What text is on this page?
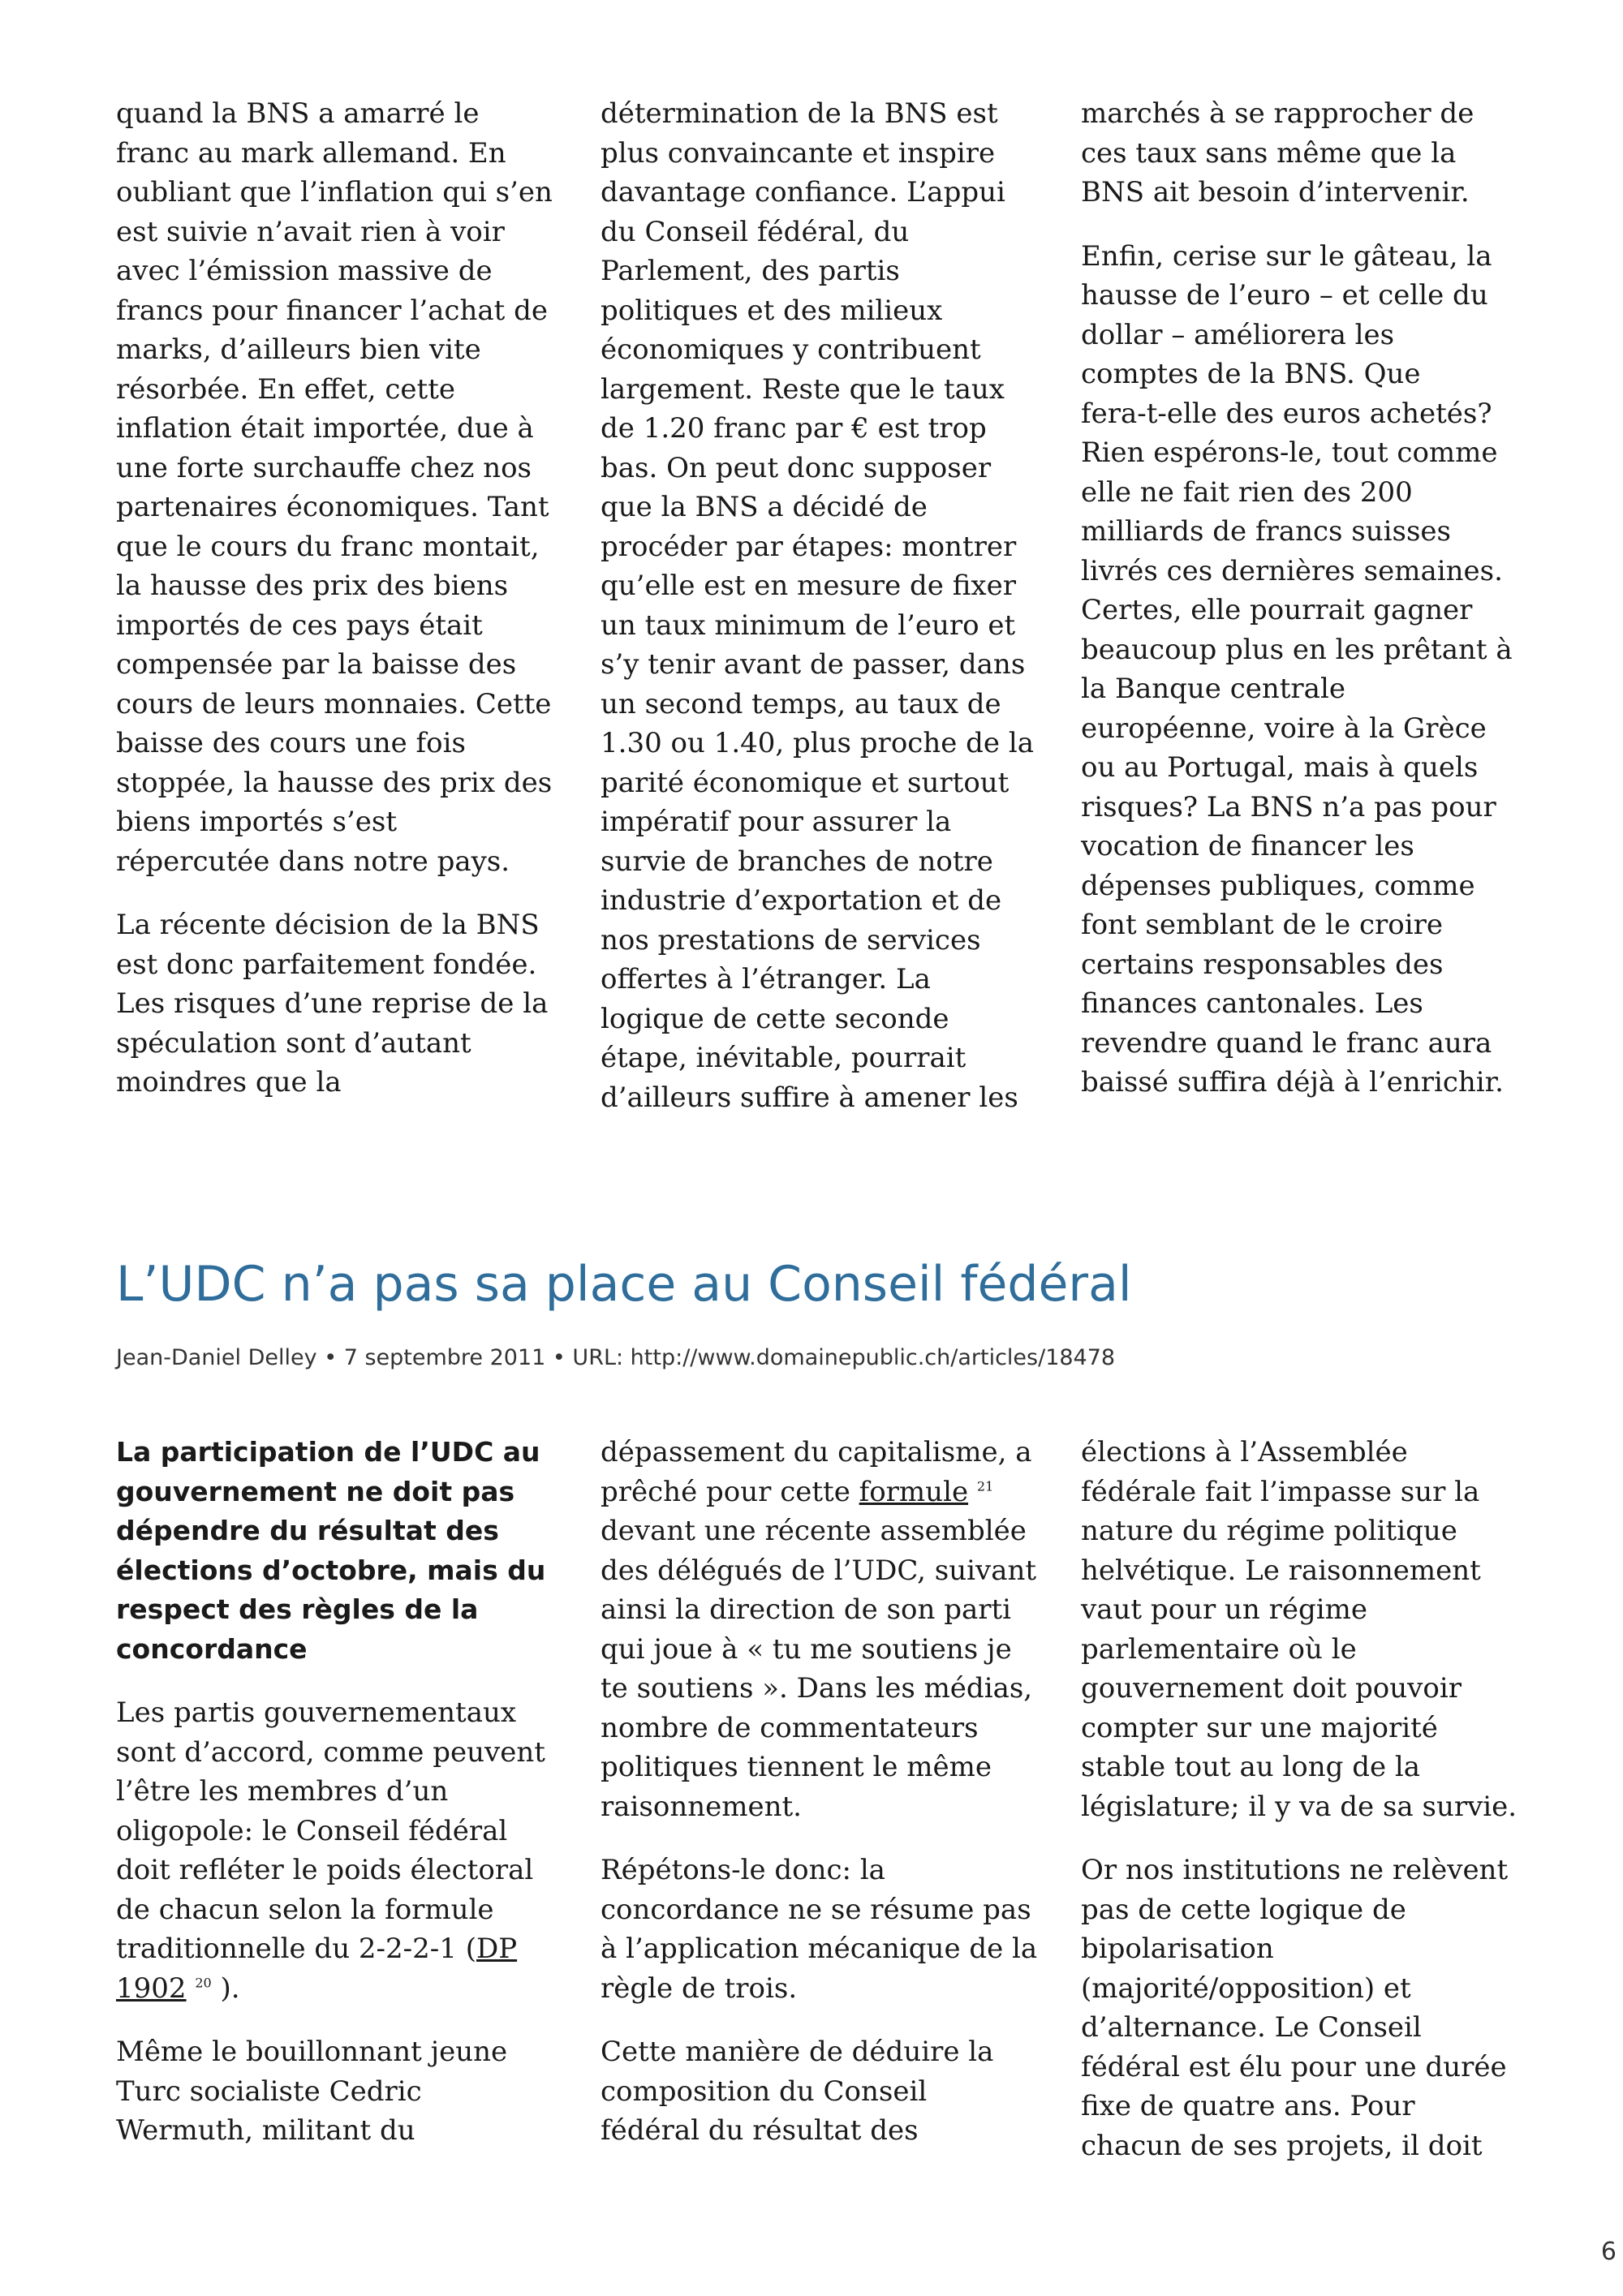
quand la BNS a amarré le
franc au mark allemand. En
oubliant que l’inflation qui s’en
est suivie n’avait rien à voir
avec l’émission massive de
francs pour financer l’achat de
marks, d’ailleurs bien vite
résorbée. En effet, cette
inflation était importée, due à
une forte surchauffe chez nos
partenaires économiques. Tant
que le cours du franc montait,
la hausse des prix des biens
importés de ces pays était
compensée par la baisse des
cours de leurs monnaies. Cette
baisse des cours une fois
stoppée, la hausse des prix des
biens importés s’est
répercutée dans notre pays.

La récente décision de la BNS
est donc parfaitement fondée.
Les risques d’une reprise de la
spéculation sont d’autant
moindres que la

détermination de la BNS est
plus convaincante et inspire
davantage confiance. L’appui
du Conseil fédéral, du
Parlement, des partis
politiques et des milieux
économiques y contribuent
largement. Reste que le taux
de 1.20 franc par € est trop
bas. On peut donc supposer
que la BNS a décidé de
procéder par étapes: montrer
qu’elle est en mesure de fixer
un taux minimum de l’euro et
s’y tenir avant de passer, dans
un second temps, au taux de
1.30 ou 1.40, plus proche de la
parité économique et surtout
impératif pour assurer la
survie de branches de notre
industrie d’exportation et de
nos prestations de services
offertes à l’étranger. La
logique de cette seconde
étape, inévitable, pourrait
d’ailleurs suffire à amener les

marchés à se rapprocher de
ces taux sans même que la
BNS ait besoin d’intervenir.

Enfin, cerise sur le gâteau, la
hausse de l’euro – et celle du
dollar – améliorera les
comptes de la BNS. Que
fera-t-elle des euros achetés?
Rien espérons-le, tout comme
elle ne fait rien des 200
milliards de francs suisses
livrés ces dernières semaines.
Certes, elle pourrait gagner
beaucoup plus en les prêtant à
la Banque centrale
européenne, voire à la Grèce
ou au Portugal, mais à quels
risques? La BNS n’a pas pour
vocation de financer les
dépenses publiques, comme
font semblant de le croire
certains responsables des
finances cantonales. Les
revendre quand le franc aura
baissé suffira déjà à l’enrichir.

L’UDC n’a pas sa place au Conseil fédéral
Jean-Daniel Delley • 7 septembre 2011 • URL: http://www.domainepublic.ch/articles/18478

La participation de l’UDC au
gouvernement ne doit pas
dépendre du résultat des
élections d’octobre, mais du
respect des règles de la
concordance

Les partis gouvernementaux
sont d’accord, comme peuvent
l’être les membres d’un
oligopole: le Conseil fédéral
doit refléter le poids électoral
de chacun selon la formule
traditionnelle du 2-2-2-1 (DP
1902 $^{20}$ ).

Même le bouillonnant jeune
Turc socialiste Cedric
Wermuth, militant du

dépassement du capitalisme, a
prêché pour cette formule $^{21}$
devant une récente assemblée
des délégués de l’UDC, suivant
ainsi la direction de son parti
qui joue à « tu me soutiens je
te soutiens ». Dans les médias,
nombre de commentateurs
politiques tiennent le même
raisonnement.

Répétons-le donc: la
concordance ne se résume pas
à l’application mécanique de la
règle de trois.

Cette manière de déduire la
composition du Conseil
fédéral du résultat des

élections à l’Assemblée
fédérale fait l’impasse sur la
nature du régime politique
helvétique. Le raisonnement
vaut pour un régime
parlementaire où le
gouvernement doit pouvoir
compter sur une majorité
stable tout au long de la
législature; il y va de sa survie.

Or nos institutions ne relèvent
pas de cette logique de
bipolarisation
(majorité/opposition) et
d’alternance. Le Conseil
fédéral est élu pour une durée
fixe de quatre ans. Pour
chacun de ses projets, il doit

6
